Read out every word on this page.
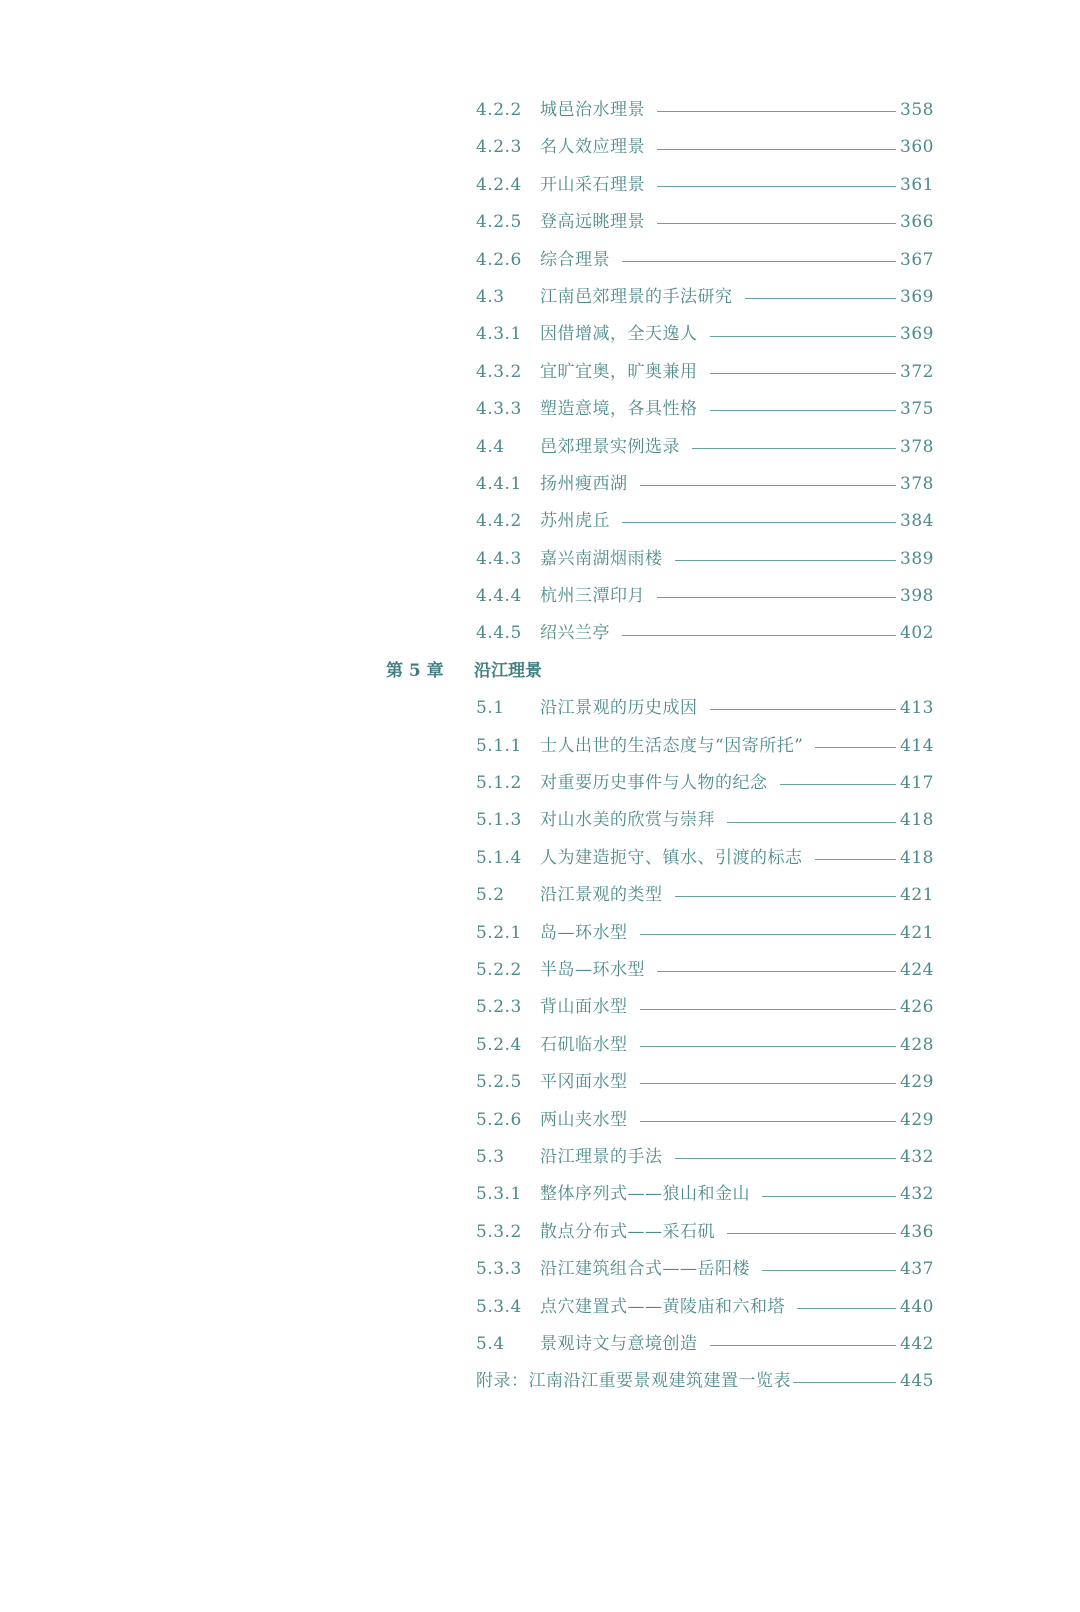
4.2.2 城邑治水理景	358
4.2.3 名人效应理景	360
4.2.4 开山采石理景	361
4.2.5 登高远眺理景	366
4.2.6 综合理景	367
4.3 江南邑郊理景的手法研究	369
4.3.1 因借增减，全天逸人	369
4.3.2 宜旷宜奥，旷奥兼用	372
4.3.3 塑造意境，各具性格	375
4.4 邑郊理景实例选录	378
4.4.1 扬州瘦西湖	378
4.4.2 苏州虎丘	384
4.4.3 嘉兴南湖烟雨楼	389
4.4.4 杭州三潭印月	398
4.4.5 绍兴兰亭	402
第 5 章 沿江理景
5.1 沿江景观的历史成因	413
5.1.1 士人出世的生活态度与“因寄所托”	414
5.1.2 对重要历史事件与人物的纪念	417
5.1.3 对山水美的欣赏与崇拜	418
5.1.4 人为建造扼守、镇水、引渡的标志	418
5.2 沿江景观的类型	421
5.2.1 岛—环水型	421
5.2.2 半岛—环水型	424
5.2.3 背山面水型	426
5.2.4 石矶临水型	428
5.2.5 平冈面水型	429
5.2.6 两山夹水型	429
5.3 沿江理景的手法	432
5.3.1 整体序列式——狼山和金山	432
5.3.2 散点分布式——采石矶	436
5.3.3 沿江建筑组合式——岳阳楼	437
5.3.4 点穴建置式——黄陵庙和六和塔	440
5.4 景观诗文与意境创造	442
附录：江南沿江重要景观建筑建置一览表	445
